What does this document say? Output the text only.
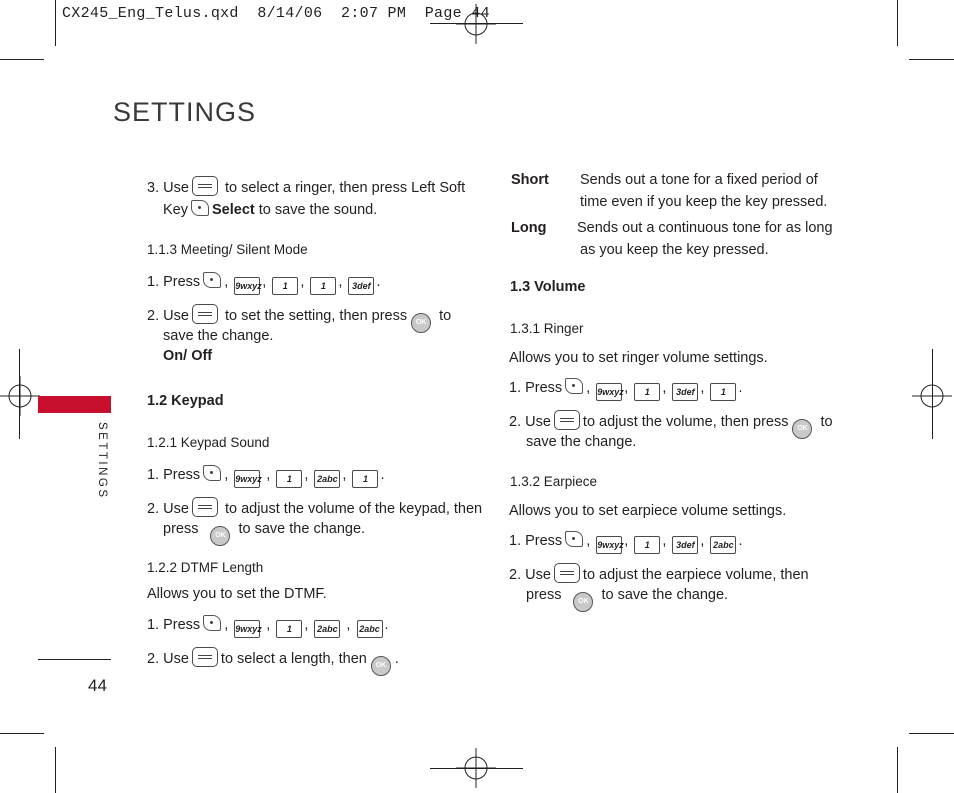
CX245_Eng_Telus.qxd  8/14/06  2:07 PM  Page 44
SETTINGS
SETTINGS
44
3. Use to select a ringer, then press Left Soft
Key Select to save the sound.
1.1.3 Meeting/ Silent Mode
1. Press , 9wxyz, 1 , 1 , 3def .
2. Use to set the setting, then press OK to
save the change.
On/ Off
1.2 Keypad
1.2.1 Keypad Sound
1. Press , 9wxyz , 1 , 2abc , 1 .
2. Use to adjust the volume of the keypad, then
press OK to save the change.
1.2.2 DTMF Length
Allows you to set the DTMF.
1. Press , 9wxyz , 1 , 2abc , 2abc .
2. Use to select a length, then OK .
Short Sends out a tone for a fixed period of
time even if you keep the key pressed.
Long Sends out a continuous tone for as long
as you keep the key pressed.
1.3 Volume
1.3.1 Ringer
Allows you to set ringer volume settings.
1. Press , 9wxyz, 1 , 3def , 1 .
2. Use to adjust the volume, then press OK to
save the change.
1.3.2 Earpiece
Allows you to set earpiece volume settings.
1. Press , 9wxyz, 1 , 3def , 2abc .
2. Use to adjust the earpiece volume, then
press OK to save the change.
